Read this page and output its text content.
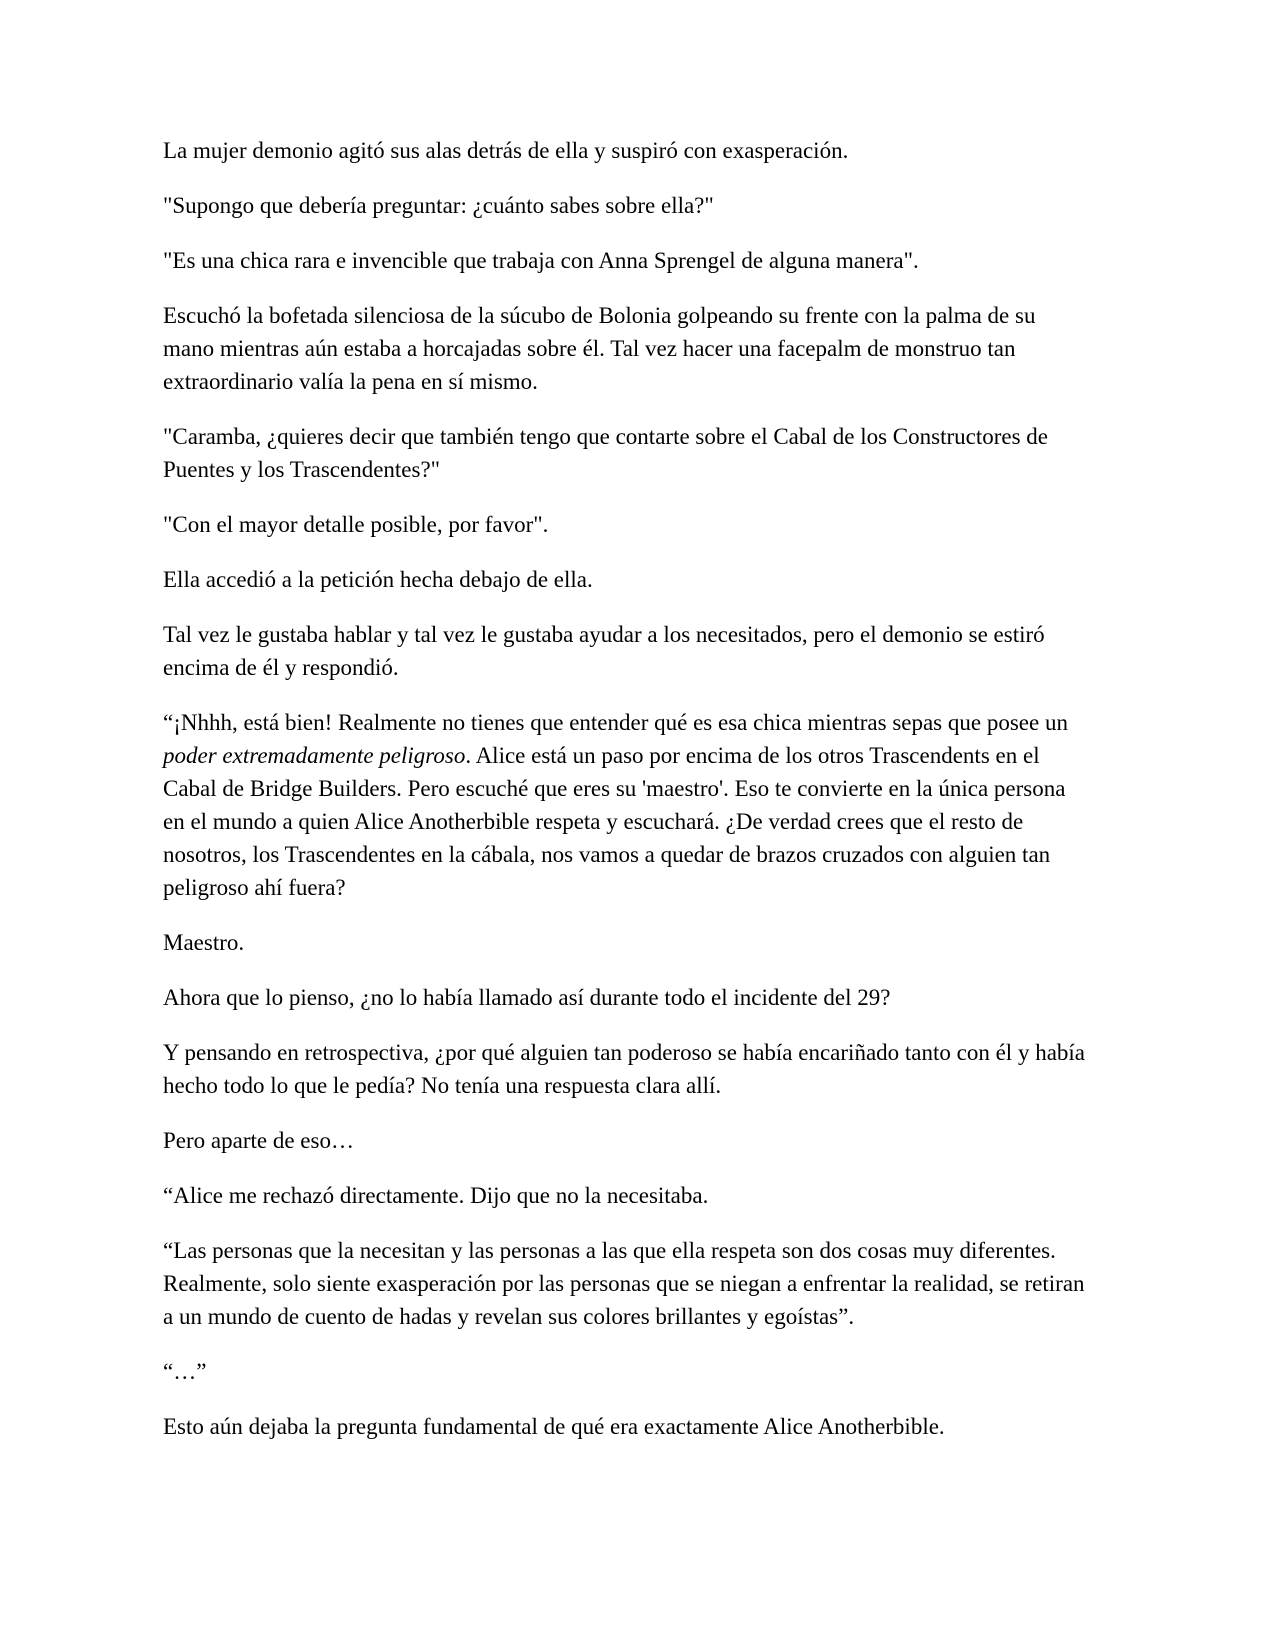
La mujer demonio agitó sus alas detrás de ella y suspiró con exasperación.

"Supongo que debería preguntar: ¿cuánto sabes sobre ella?"

"Es una chica rara e invencible que trabaja con Anna Sprengel de alguna manera".

Escuchó la bofetada silenciosa de la súcubo de Bolonia golpeando su frente con la palma de su mano mientras aún estaba a horcajadas sobre él. Tal vez hacer una facepalm de monstruo tan extraordinario valía la pena en sí mismo.

"Caramba, ¿quieres decir que también tengo que contarte sobre el Cabal de los Constructores de Puentes y los Trascendentes?"

"Con el mayor detalle posible, por favor".

Ella accedió a la petición hecha debajo de ella.

Tal vez le gustaba hablar y tal vez le gustaba ayudar a los necesitados, pero el demonio se estiró encima de él y respondió.

“¡Nhhh, está bien! Realmente no tienes que entender qué es esa chica mientras sepas que posee un poder extremadamente peligroso. Alice está un paso por encima de los otros Trascendents en el Cabal de Bridge Builders. Pero escuché que eres su 'maestro'. Eso te convierte en la única persona en el mundo a quien Alice Anotherbible respeta y escuchará. ¿De verdad crees que el resto de nosotros, los Trascendentes en la cábala, nos vamos a quedar de brazos cruzados con alguien tan peligroso ahí fuera?

Maestro.

Ahora que lo pienso, ¿no lo había llamado así durante todo el incidente del 29?

Y pensando en retrospectiva, ¿por qué alguien tan poderoso se había encariñado tanto con él y había hecho todo lo que le pedía? No tenía una respuesta clara allí.

Pero aparte de eso…

“Alice me rechazó directamente. Dijo que no la necesitaba.

“Las personas que la necesitan y las personas a las que ella respeta son dos cosas muy diferentes. Realmente, solo siente exasperación por las personas que se niegan a enfrentar la realidad, se retiran a un mundo de cuento de hadas y revelan sus colores brillantes y egoístas”.

“…”

Esto aún dejaba la pregunta fundamental de qué era exactamente Alice Anotherbible.
